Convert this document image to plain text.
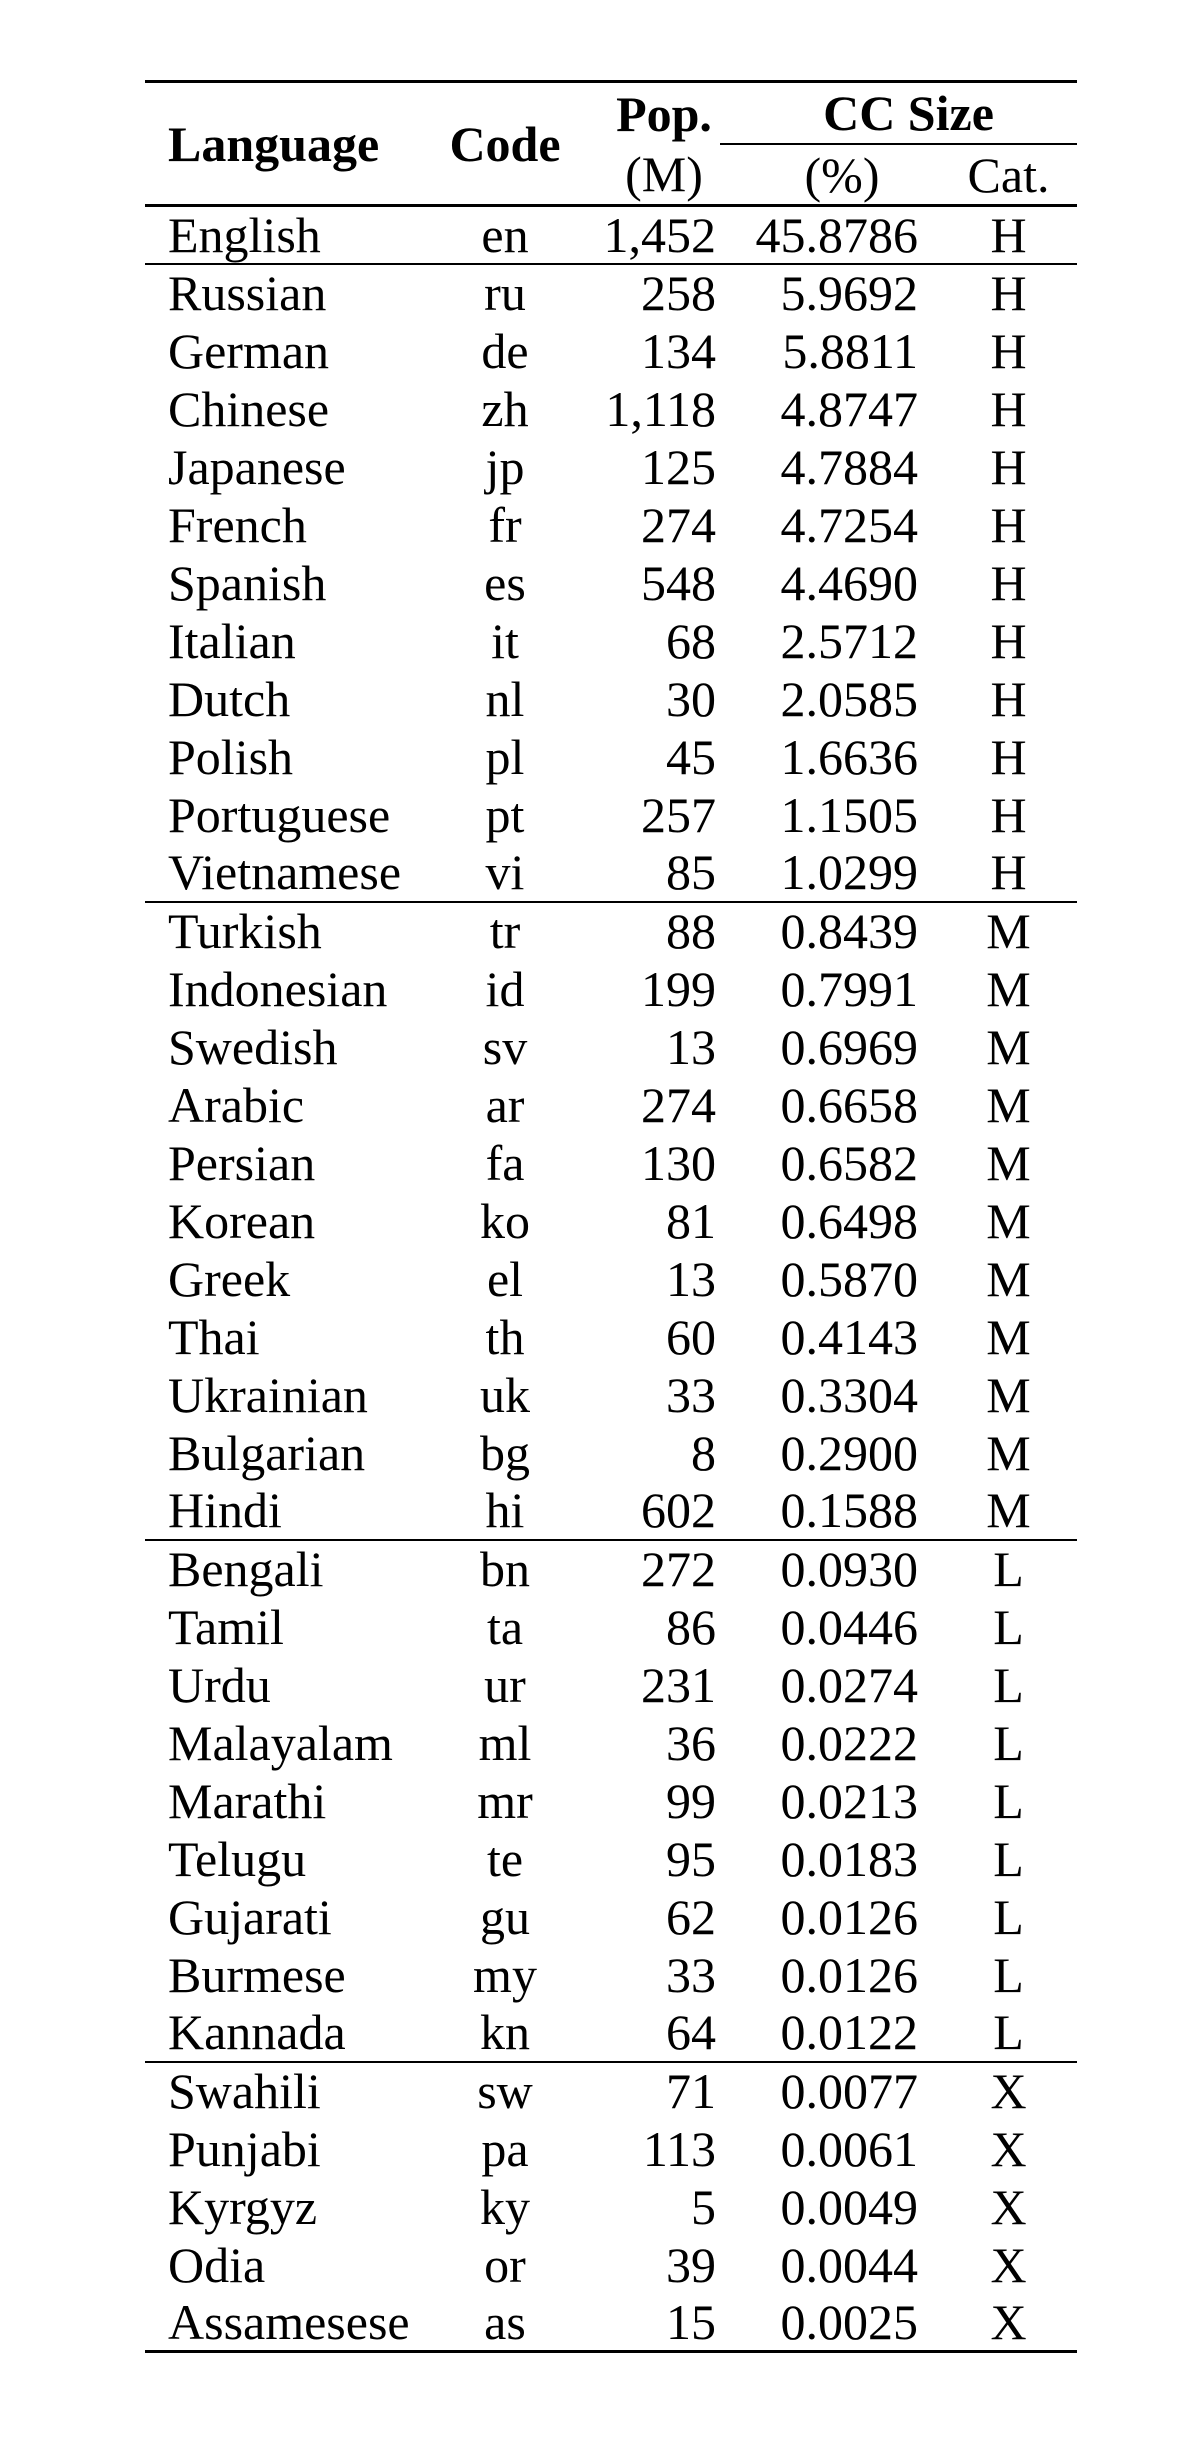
Language	Code	Pop.	CC Size	
		(M)	(%)	Cat.
English	en	1,452	45.8786	H
Russian	ru	258	5.9692	H
German	de	134	5.8811	H
Chinese	zh	1,118	4.8747	H
Japanese	jp	125	4.7884	H
French	fr	274	4.7254	H
Spanish	es	548	4.4690	H
Italian	it	68	2.5712	H
Dutch	nl	30	2.0585	H
Polish	pl	45	1.6636	H
Portuguese	pt	257	1.1505	H
Vietnamese	vi	85	1.0299	H
Turkish	tr	88	0.8439	M
Indonesian	id	199	0.7991	M
Swedish	sv	13	0.6969	M
Arabic	ar	274	0.6658	M
Persian	fa	130	0.6582	M
Korean	ko	81	0.6498	M
Greek	el	13	0.5870	M
Thai	th	60	0.4143	M
Ukrainian	uk	33	0.3304	M
Bulgarian	bg	8	0.2900	M
Hindi	hi	602	0.1588	M
Bengali	bn	272	0.0930	L
Tamil	ta	86	0.0446	L
Urdu	ur	231	0.0274	L
Malayalam	ml	36	0.0222	L
Marathi	mr	99	0.0213	L
Telugu	te	95	0.0183	L
Gujarati	gu	62	0.0126	L
Burmese	my	33	0.0126	L
Kannada	kn	64	0.0122	L
Swahili	sw	71	0.0077	X
Punjabi	pa	113	0.0061	X
Kyrgyz	ky	5	0.0049	X
Odia	or	39	0.0044	X
Assamesese	as	15	0.0025	X
